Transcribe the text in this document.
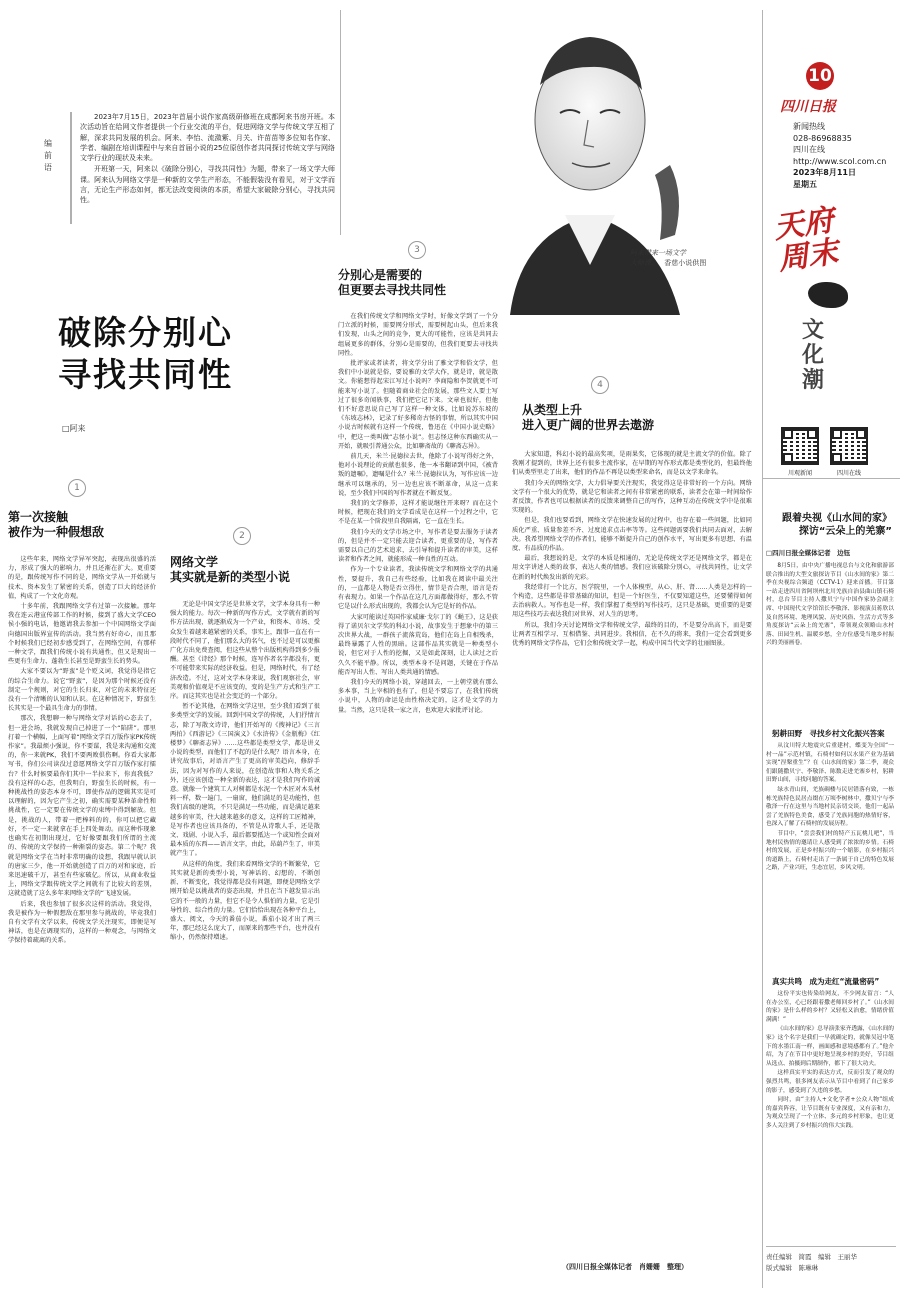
10
四川日报
新闻热线
028-86968835
四川在线
http://www.scol.com.cn
2023年8月11日
星期五
天府周末
文化潮
川观新闻	四川在线
编前语

2023年7月15日，2023年首届小说作家高级研修班在成都阿来书房开班。本次活动旨在给网文作者提供一个行业交流的平台，促进网络文学与传统文学互相了解，深求共同发展的机会。阿来、李怡、流潋紫、月关、许苗苗等多位知名作家、学者、编剧在培训课程中与来自首届小说的25位原创作者共同探讨传统文学与网络文学行业的现状及未来。

开班第一天，阿来以《破除分别心，寻找共同性》为题，带来了一场文学大师课。阿来认为网络文学是一种新的文学生产形态，不能假装没有看见，对于文学而言，无论生产形态如何，都无法改变阅读的本质，希望大家破除分别心，寻找共同性。

阿来带来一场文学
大师课。 香慈小说供图
破除分别心
寻找共同性
□阿来
1
第一次接触
被作为一种假想敌

这些年来，网络文学异军突起，表现出很盛的活力，形成了强大的影响力，并且还渐在扩大。更重要的是，跟传统写作不同的是，网络文学从一开始就与技术、资本发生了紧密的关系，创造了巨大的经济价值，构成了一个文化奇观。

十多年前，我跟网络文学有过第一次接触。那年我在连云港宣传部工作的时候，接到了盛大文学CEO侯小强的电话，他邀请我去参加一个中国网络文学面向德国出版界宣传的活动。我当然有好奇心，而且那个时候我们已经初步感受到了，在网络空间，有那样一种文学，跟我们传统小说有共通性，但又是现出一些更有生命力、蓬勃生长甚至是野蛮生长的势头。

大家不要以为“野蛮”是个贬义词，我觉得是指它的综合生命力。说它“野蛮”，是因为那个时候还没有制定一个规则，对它的生长归束，对它的未来特征还没有一个清晰的认知和认识。在这种情况下，野蛮生长其实是一个最具生命力的事情。

那次，我想聊一种与网络文学对话的心态去了，但一进会场，我就发现自己掉进了一个“陷阱”。那里打着一个横幅，上面写着“网络文学百万版作家PK传统作家”。我最烦小强说，你不要谋，我是来沟通和交流的，你一来就PK，我们不要两败俱伤啊。你看大家都写书，你们公司读没过意愿网络文学百万版作家打擂台？什么时候要最你们其中一半拉来下，你真我低？没有这样的心态，但我明白，野蛮生长的时候，有一种挑战性的姿态本身不可，即使作品的逻辑其实是可以理解的，因为它产生之初，确实需要某种革命性和挑战性，它一定要在传统文学的束缚中得到解放。但是，挑战的人，带着一把棒料的的，你可以把它藏好，不一定一来就拿在手上四处舞动。而这种作现象也确实在初期出现过，它好像要跟我们所谓的主流的、传统的文学保持一种渐裂的姿态。第二个呢？我就是网络文学在当时非常明确的设想，我跟早就认识的唐家三少，他一开始就创造了百万的对和家庭，后来迅速破千万，甚至有些家破亿。所以，从商业收益上，网络文学跟传统文学之间就有了比较大的差别，这就造就了这么多年来网络文学的“飞速发展。

后来，我也参加了很多次这样的活动。我觉得，我是被作为一种假想敌在那里参与挑战的，毕竟我们自有文学有文学以来，传统文学关注现实，即便是写神话，也是在调现实的，这样的一种观念，与网络文学保持着疏离的关系。

2
网络文学
其实就是新的类型小说

无论是中国文学还是世界文学，文学本身具有一种强大的能力。每次一种新的写作方式，文学就有新的写作方法出现，就逐渐成为一个产业，和资本、市场、受众发生着越来越紧密的关系，事实上，跟事一直在有一段时代不同了，他们那么大的名气，也不过是可以更推广化方出免费查阅，但这些从整个出版机构得到多少报酬。甚至《诗经》那个时候，连写作者名字都没有，更不可能带来实际的经济收益。但是，网络时代，有了经济改造。不过，这对文学本身来说，我们观察社会，审美观和价值观是不应该变的，变的是生产方式和生产工序。而这其实也是社会变迁的一个部分。

暂不论其他，在网络文学这里，至少我们看到了很多类型文学的发展。回到中国文学的传统，人们抒情言志，除了写散文诗诗，他们开始写的《搜神记》《三言两拍》《西游记》《三国演义》《水浒传》《金瓶梅》《红楼梦》《聊斋志异》……这些都是类型文学，都是讲义小说的类型，而他们了不起的是什么呢？语言本身，在讲究故事后，对语言产生了更高的审美趋向，修辞手法，因为对写作的人来说，在创造故事和人物关系之外，还应该创造一种全新的表达，这才是我们写作的诚意。就像一个建筑工人对树都是水泥一个木匠对木头材料一样，数一遍门，一扇窗，他们满足的是功能性，但我们高级的建筑，不只是满足一些功能，而是满足越来越多的审美，往大越来越多的意义，这样的工匠精神，是写作者也应该具备的，不管是从诗歌人手，还是散文、戏剧、小说入手，最后都要抵达一个或知性会面对最本质的东西——语言文字，由此，昂葫芦生了，审美就产生了。

从这样的角度，我们来看网络文学的不断繁荣，它其实就是新的类型小说，写神话的、幻想的、不断创新、不断变化，我觉得都是没有问题，即便是网络文学刚开始是以挑战者的姿态出现，并且在当下越发显示出它的不一般的力量，但它不是令人惧怕的力量，它是引导性的、综合性的力量。它们恰恰出现在各种平台上，盛大、阅文，今天的番茄小说，番茄小说才出了两三年，那已经这么庞大了，而原来的那些平台，也并没有缩小，仍然保持增速。

3
分别心是需要的
但更要去寻找共同性

在我们传统文学和网络文学时，好像文学到了一个分门立派的时候，需要网分形式，需要树起山头，但后来我们发现，山头之间的竞争，更大的可能性，应该是共同去组展更多的群体，分别心是需要的，但我们更要去寻找共同性。

批评家或者读者，将文学分出了雅文学和俗文学，但我们中小说就是俗，要说雅的文学大作，就是诗，就是散文。你能想得起宋江写过小说吗？李商隐和李贺就更不可能来写小说了。但随着商业社会的发展，那些文人要士写过了很多奇闻轶事，我们把它记下来。文章也很好，但他们不好意思说自己写了这样一种文体，比如说苏东坡的《东坡志林》，记录了好多稀奇古怪的事情，所以其实中国小说古时候就有这样一个传统，鲁迅在《中国小说史略》中，把这一类叫做“志怪小说”。但志怪这种东西确实从一开始，就吸引普通公众，比如聊斋故的《聊斋志异》。

前几天，米兰·昆德拉去世，他除了小说写得好之外，他对小说理论的贡献也很多，他一本书翻译到中国，《被背叛的遗嘱》，遗嘱是什么？米兰·昆德拉认为，写作应该一边继承可以继承的，另一边也应该不断革命，从这一点来说，至少我们中国的写作者就在不断反复。

我们的文学修养，这样才能说继往开来呀？而在这个时候，把现在我们的文学看成是在这样一个过程之中，它不是在某一个阶段里自我隔离，它一直在生长。

我们今天的文学市场之中，写作者是要去服务于读者的，但是并不一定只能去迎合读者，更重要的是，写作者需要以自己的艺术追求，去引导和提升读者的审美，这样读者和作者之间，就能形成一种良性的互动。

作为一个专业读者，我读传统文学和网络文学的共通性，要提升，我自己有些经验，比如我在阅读中最关注的，一直都是人物是否立得住，情节是否合理，语言是否有表现力。如果一个作品在这几方面都做得好，那么不管它是以什么形式出现的，我都会认为它是好的作品。

大家可能读过英国作家威廉·戈尔丁的《蝇王》，这是获得了诺贝尔文学奖的科幻小说，故事发生于想象中的第三次世界大战，一群孩子流落荒岛，他们在岛上自相残杀，最终暴露了人性的黑暗。这部作品其实就是一种类型小说，但它对于人性的挖掘，又是如此深刻，让人读过之后久久不能平静。所以，类型本身不是问题，关键在于作品能否写出人性、写出人类共通的情感。

我们今天的网络小说，穿越回去，一上朝堂就有那么多本事，当上宰相的也有了，但是不要忘了，在我们传统小说中，人物的命运是由性格决定的，这才是文学的力量。当然，这只是我一家之言，也欢迎大家批评讨论。

4
从类型上升
进入更广阔的世界去遨游

大家知道，科幻小说的最高奖项，是雨果奖，它体现的就是主流文学的价值。除了我刚才提到的，世界上还有很多主流作家，在早期的写作形式都是类型化的，但最终他们从类型里走了出来，他们的作品不再是以类型来命名，而是以文学来命名。

我们今天的网络文学，大力倡导要关注现实，我觉得这是非常好的一个方向。网络文学有一个很大的优势，就是它和读者之间有非常紧密的联系，读者会在第一时间给作者反馈，作者也可以根据读者的反馈来调整自己的写作，这种互动在传统文学中是很难实现的。

但是，我们也要看到，网络文学在快速发展的过程中，也存在着一些问题，比如同质化严重、质量参差不齐、过度追求点击率等等。这些问题需要我们共同去面对，去解决。我希望网络文学的作者们，能够不断提升自己的创作水平，写出更多有思想、有温度、有品质的作品。

最后，我想说的是，文学的本质是相通的，无论是传统文学还是网络文学，都是在用文字讲述人类的故事，表达人类的情感。我们应该破除分别心，寻找共同性，让文学在新的时代焕发出新的光彩。

我经常打一个比方，医学院里，一个人体模型，从心、肝、肾……人类是怎样的一个构造，这些都是非常基础的知识，但是一个好医生，不仅要知道这些，还要懂得如何去治病救人。写作也是一样，我们掌握了类型的写作技巧，这只是基础，更重要的是要用这些技巧去表达我们对世界、对人生的思考。

所以，我们今天讨论网络文学和传统文学，最终的目的，不是要分出高下，而是要让两者互相学习、互相借鉴、共同进步。我相信，在不久的将来，我们一定会看到更多优秀的网络文学作品，它们会和传统文学一起，构成中国当代文学的壮丽图景。

（四川日报全媒体记者　肖姗姗　整理）
跟着央视《山水间的家》
探访“云朵上的羌寨”
□四川日报全媒体记者　边钰

8月5日，由中央广播电视总台与文化和旅游部联合推出的大型文旅探访节目《山水间的家》第二季在央视综合频道（CCTV-1）迎来首播。节目第一站走进四川省阿坝州北川羌族自治县曲山镇石椅村，总台节目主持人撒贝宁与中国作家协会副主席、中国现代文学馆馆长李敬泽、影视演员蒋欣以及自然环境、地理风貌、历史风俗、生活方式等多角度探访“云朵上的羌寨”，带领观众领略山水村落、田园生机、温暖乡愁，全方位感受当地乡村振兴的美丽画卷。

躬耕田野　寻找乡村文化振兴答案

从汶川特大地震灾后重建村，蝶变为全国“一村一品”示范村镇，石椅村如何以水果产业为基础实现“涅槃重生”？在《山水间的家》第二季，观众们跟随撒贝宁、李敬泽、陈数走进羌寨乡村，躬耕田野山间，寻找问题的答案。

绿水青山间，羌族碉楼与民居错落有致，一栋栋羌族特色民居点缀在万顷李树林中，撒贝宁与李敬泽一行在这里与当地村民亲切交谈，他们一起品尝了羌族特色美食，感受了羌族同胞的热情好客，也深入了解了石椅村的发展历程。

节目中，“尝尝我们村的特产五瓦桃儿吧”，当地村民热情的邀请让人感受到了浓浓的乡情。石椅村的发展，正是乡村振兴的一个缩影，在乡村振兴的道路上，石椅村走出了一条属于自己的特色发展之路，产业兴旺，生态宜居，乡风文明。

真实共鸣　成为走红“流量密码”

这份平实也传染给网友，不少网友留言：“人在办公室，心已经跟着撒老师回乡村了。”《山水间的家》是什么样的乡村？又轻松又治愈，情绪价值满满！”

《山水间的家》总导演张家齐透露，《山水间的家》这个名字是我们一早就确定的，就像吴冠中笔下的水墨江南一样，画面感和意境感都有了。”他介绍，为了在节目中更好地呈现乡村的美好，节目组从选点、拍摄到后期制作，都下了很大功夫。

这样真实平实的表达方式，反而引发了观众的强烈共鸣，很多网友表示从节目中看到了自己家乡的影子，感受到了久违的乡愁。

同时，由“主持人+文化学者+公众人物”组成的嘉宾阵容，让节目既有专业深度，又有亲和力，为观众呈现了一个立体、多元的乡村形象，也让更多人关注到了乡村振兴的伟大实践。

责任编辑　简霞　编辑　王丽华
版式编辑　陈琳琳
